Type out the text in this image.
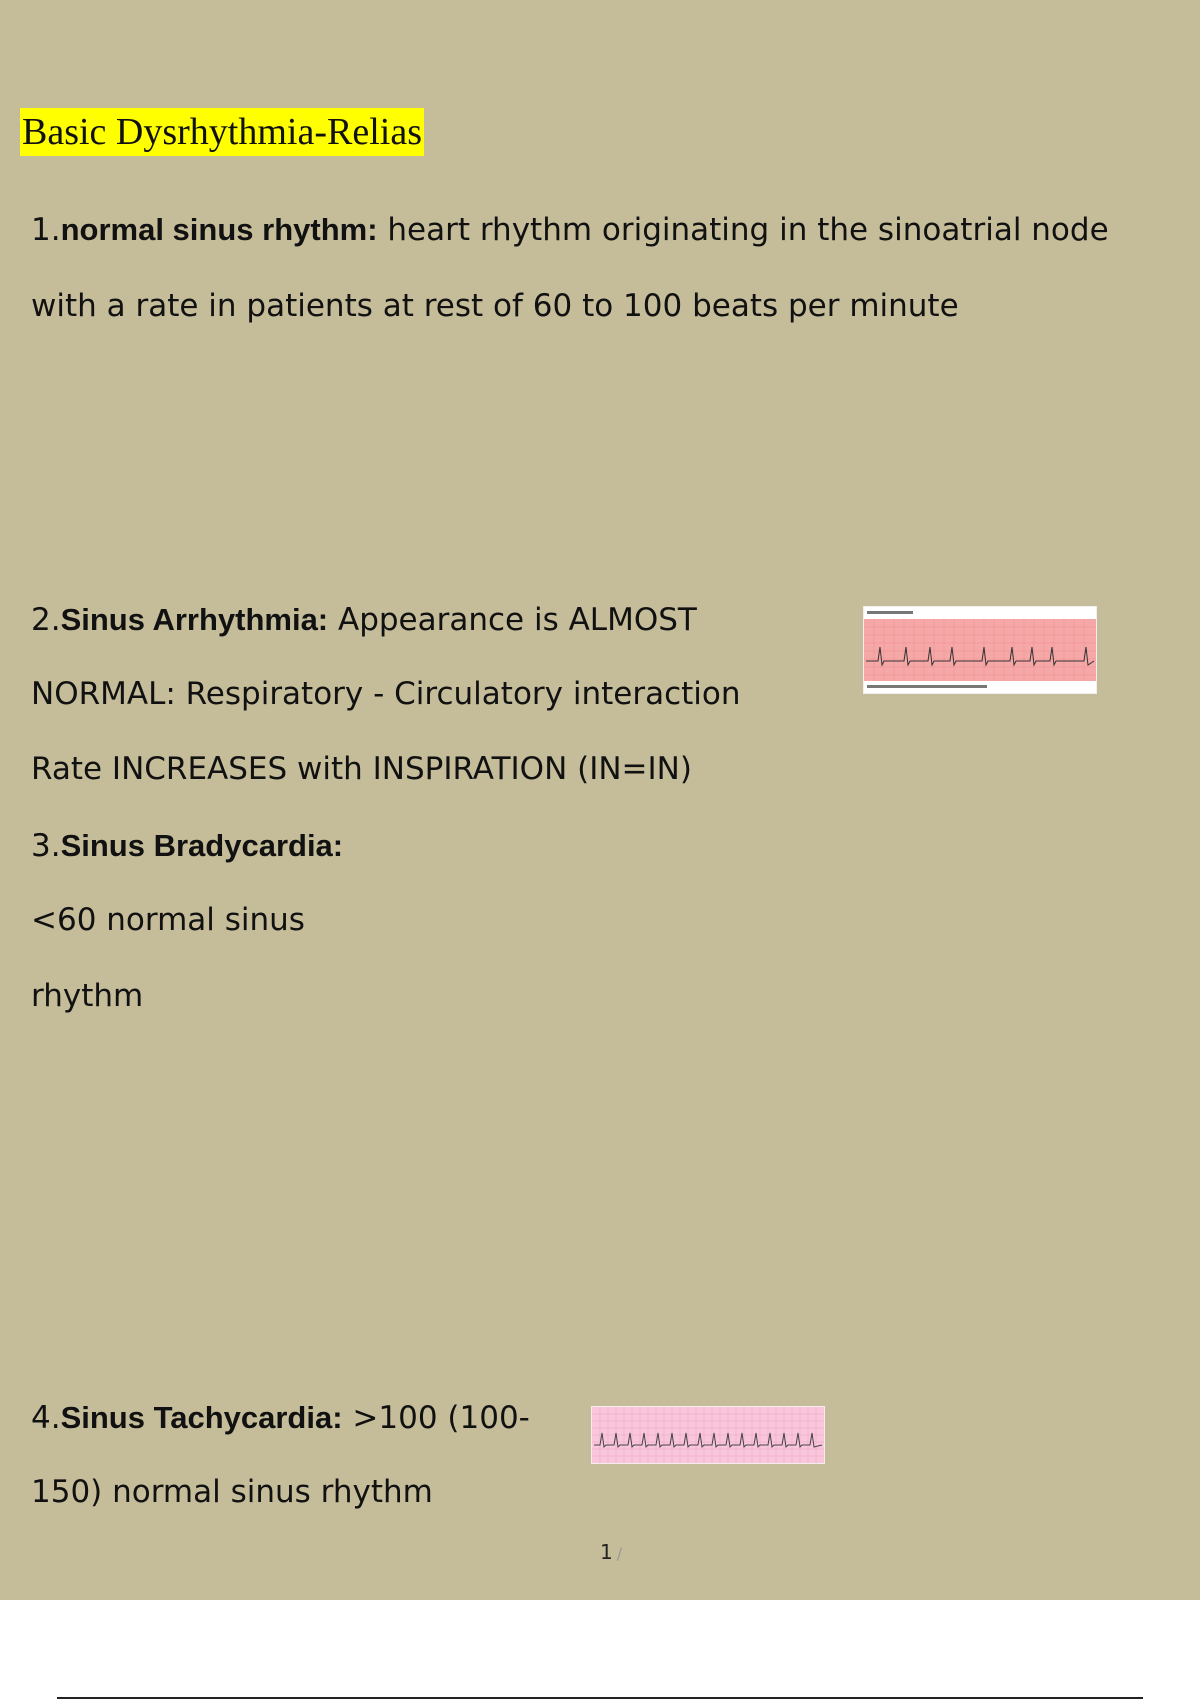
Basic Dysrhythmia-Relias
1.normal sinus rhythm: heart rhythm originating in the sinoatrial node
with a rate in patients at rest of 60 to 100 beats per minute
2.Sinus Arrhythmia: Appearance is ALMOST
NORMAL: Respiratory - Circulatory interaction
Rate INCREASES with INSPIRATION (IN=IN)
3.Sinus Bradycardia:
<60 normal sinus
rhythm
4.Sinus Tachycardia: >100 (100-
150) normal sinus rhythm
1 /
